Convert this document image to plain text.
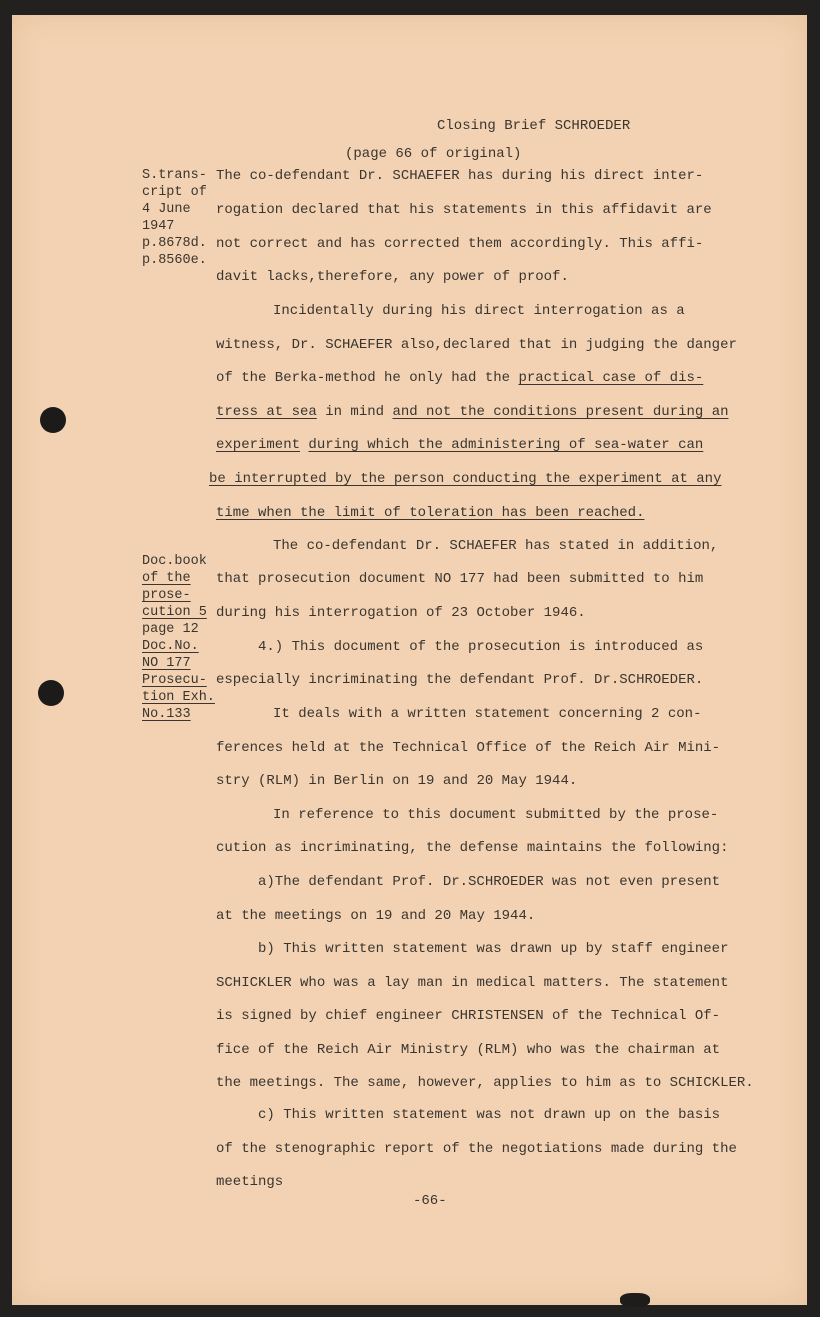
Closing Brief SCHROEDER
(page 66 of original)
S.trans-
cript of
4 June
1947
p.8678d.
p.8560e.
Doc.book
of the
prose-
cution 5
page 12
Doc.No.
NO 177
Prosecu-
tion Exh.
No.133
The co-defendant Dr. SCHAEFER has during his direct inter-
rogation declared that his statements in this affidavit are
not correct and has corrected them accordingly. This affi-
davit lacks,therefore, any power of proof.
Incidentally during his direct interrogation as a
witness, Dr. SCHAEFER also,declared that in judging the danger
of the Berka-method he only had the practical case of dis-
tress at sea in mind and not the conditions present during an
experiment during which the administering of sea-water can
be interrupted by the person conducting the experiment at any
time when the limit of toleration has been reached.
The co-defendant Dr. SCHAEFER has stated in addition,
that prosecution document NO 177 had been submitted to him
during his interrogation of 23 October 1946.
4.) This document of the prosecution is introduced as
especially incriminating the defendant Prof. Dr.SCHROEDER.
It deals with a written statement concerning 2 con-
ferences held at the Technical Office of the Reich Air Mini-
stry (RLM) in Berlin on 19 and 20 May 1944.
In reference to this document submitted by the prose-
cution as incriminating, the defense maintains the following:
a)The defendant Prof. Dr.SCHROEDER was not even present
at the meetings on 19 and 20 May 1944.
b) This written statement was drawn up by staff engineer
SCHICKLER who was a lay man in medical matters. The statement
is signed by chief engineer CHRISTENSEN of the Technical Of-
fice of the Reich Air Ministry (RLM) who was the chairman at
the meetings. The same, however, applies to him as to SCHICKLER.
c) This written statement was not drawn up on the basis
of the stenographic report of the negotiations made during the
meetings
-66-
